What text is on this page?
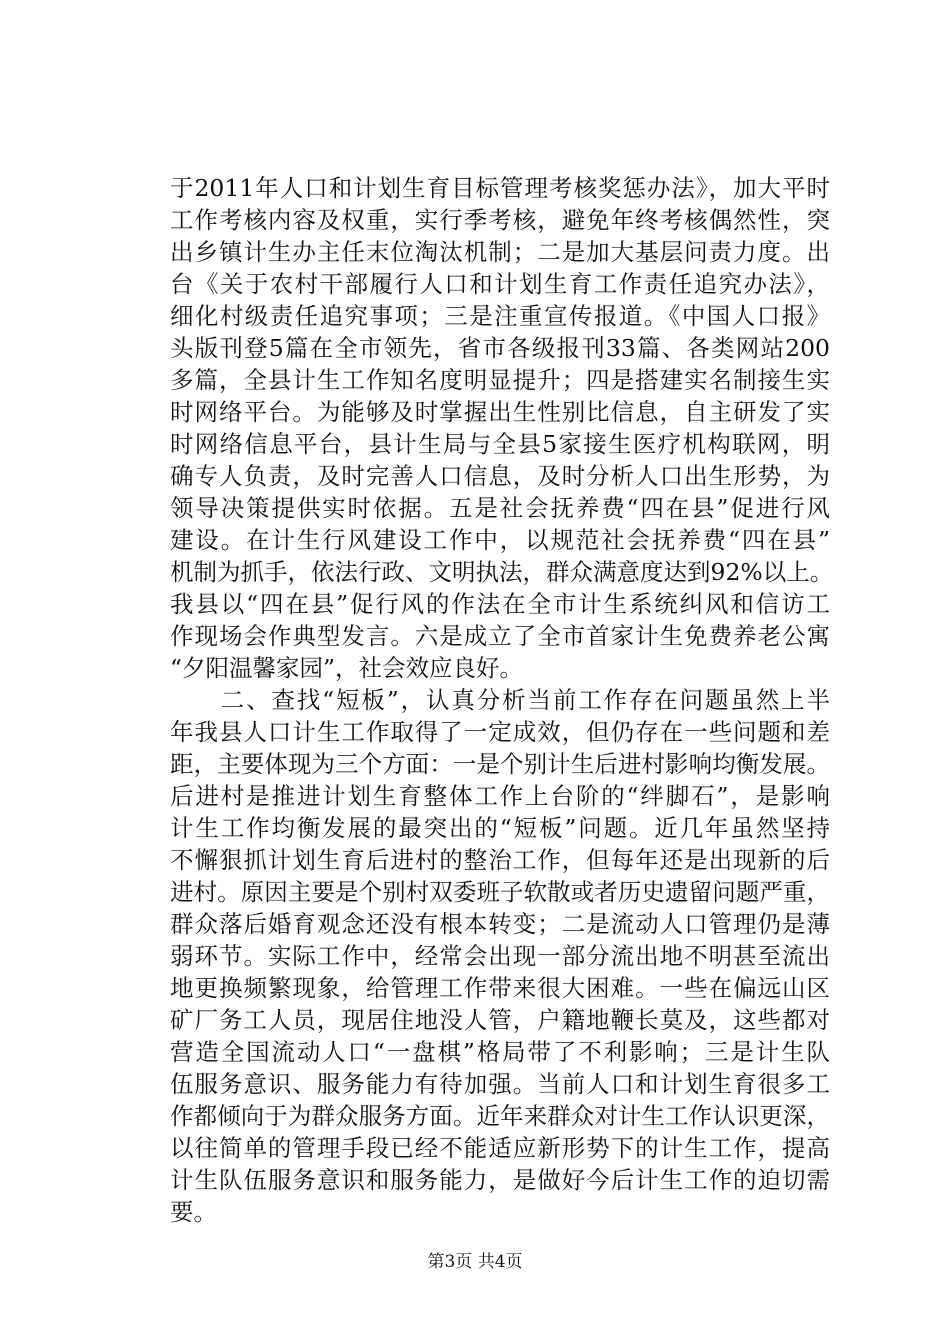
于2011年人口和计划生育目标管理考核奖惩办法》，加大平时
工作考核内容及权重，实行季考核，避免年终考核偶然性，突
出乡镇计生办主任末位淘汰机制；二是加大基层问责力度。出
台《关于农村干部履行人口和计划生育工作责任追究办法》，
细化村级责任追究事项；三是注重宣传报道。《中国人口报》
头版刊登5篇在全市领先，省市各级报刊33篇、各类网站200
多篇，全县计生工作知名度明显提升；四是搭建实名制接生实
时网络平台。为能够及时掌握出生性别比信息，自主研发了实
时网络信息平台，县计生局与全县5家接生医疗机构联网，明
确专人负责，及时完善人口信息，及时分析人口出生形势，为
领导决策提供实时依据。五是社会抚养费“四在县”促进行风
建设。在计生行风建设工作中，以规范社会抚养费“四在县”
机制为抓手，依法行政、文明执法，群众满意度达到92%以上。
我县以“四在县”促行风的作法在全市计生系统纠风和信访工
作现场会作典型发言。六是成立了全市首家计生免费养老公寓
“夕阳温馨家园”，社会效应良好。
　　二、查找“短板”，认真分析当前工作存在问题虽然上半
年我县人口计生工作取得了一定成效，但仍存在一些问题和差
距，主要体现为三个方面：一是个别计生后进村影响均衡发展。
后进村是推进计划生育整体工作上台阶的“绊脚石”，是影响
计生工作均衡发展的最突出的“短板”问题。近几年虽然坚持
不懈狠抓计划生育后进村的整治工作，但每年还是出现新的后
进村。原因主要是个别村双委班子软散或者历史遗留问题严重，
群众落后婚育观念还没有根本转变；二是流动人口管理仍是薄
弱环节。实际工作中，经常会出现一部分流出地不明甚至流出
地更换频繁现象，给管理工作带来很大困难。一些在偏远山区
矿厂务工人员，现居住地没人管，户籍地鞭长莫及，这些都对
营造全国流动人口“一盘棋”格局带了不利影响；三是计生队
伍服务意识、服务能力有待加强。当前人口和计划生育很多工
作都倾向于为群众服务方面。近年来群众对计生工作认识更深，
以往简单的管理手段已经不能适应新形势下的计生工作，提高
计生队伍服务意识和服务能力，是做好今后计生工作的迫切需
要。
第3页 共4页
